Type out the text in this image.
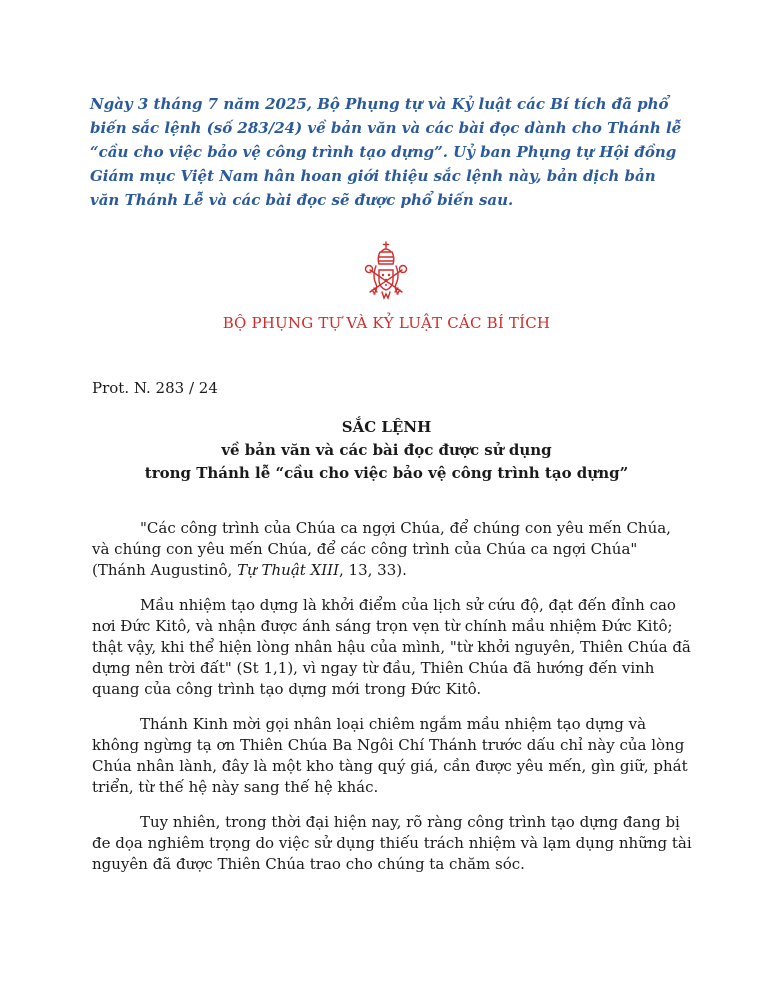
Ngày 3 tháng 7 năm 2025, Bộ Phụng tự và Kỷ luật các Bí tích đã phổ biến sắc lệnh (số 283/24) về bản văn và các bài đọc dành cho Thánh lễ “cầu cho việc bảo vệ công trình tạo dựng”. Uỷ ban Phụng tự Hội đồng Giám mục Việt Nam hân hoan giới thiệu sắc lệnh này, bản dịch bản văn Thánh Lễ và các bài đọc sẽ được phổ biến sau.

BỘ PHỤNG TỰ VÀ KỶ LUẬT CÁC BÍ TÍCH

Prot. N. 283 / 24

SẮC LỆNH
về bản văn và các bài đọc được sử dụng
trong Thánh lễ “cầu cho việc bảo vệ công trình tạo dựng”

"Các công trình của Chúa ca ngợi Chúa, để chúng con yêu mến Chúa, và chúng con yêu mến Chúa, để các công trình của Chúa ca ngợi Chúa" (Thánh Augustinô, Tự Thuật XIII, 13, 33).

Mầu nhiệm tạo dựng là khởi điểm của lịch sử cứu độ, đạt đến đỉnh cao nơi Đức Kitô, và nhận được ánh sáng trọn vẹn từ chính mầu nhiệm Đức Kitô; thật vậy, khi thể hiện lòng nhân hậu của mình, "từ khởi nguyên, Thiên Chúa đã dựng nên trời đất" (St 1,1), vì ngay từ đầu, Thiên Chúa đã hướng đến vinh quang của công trình tạo dựng mới trong Đức Kitô.

Thánh Kinh mời gọi nhân loại chiêm ngắm mầu nhiệm tạo dựng và không ngừng tạ ơn Thiên Chúa Ba Ngôi Chí Thánh trước dấu chỉ này của lòng Chúa nhân lành, đây là một kho tàng quý giá, cần được yêu mến, gìn giữ, phát triển, từ thế hệ này sang thế hệ khác.

Tuy nhiên, trong thời đại hiện nay, rõ ràng công trình tạo dựng đang bị đe dọa nghiêm trọng do việc sử dụng thiếu trách nhiệm và lạm dụng những tài nguyên đã được Thiên Chúa trao cho chúng ta chăm sóc.
